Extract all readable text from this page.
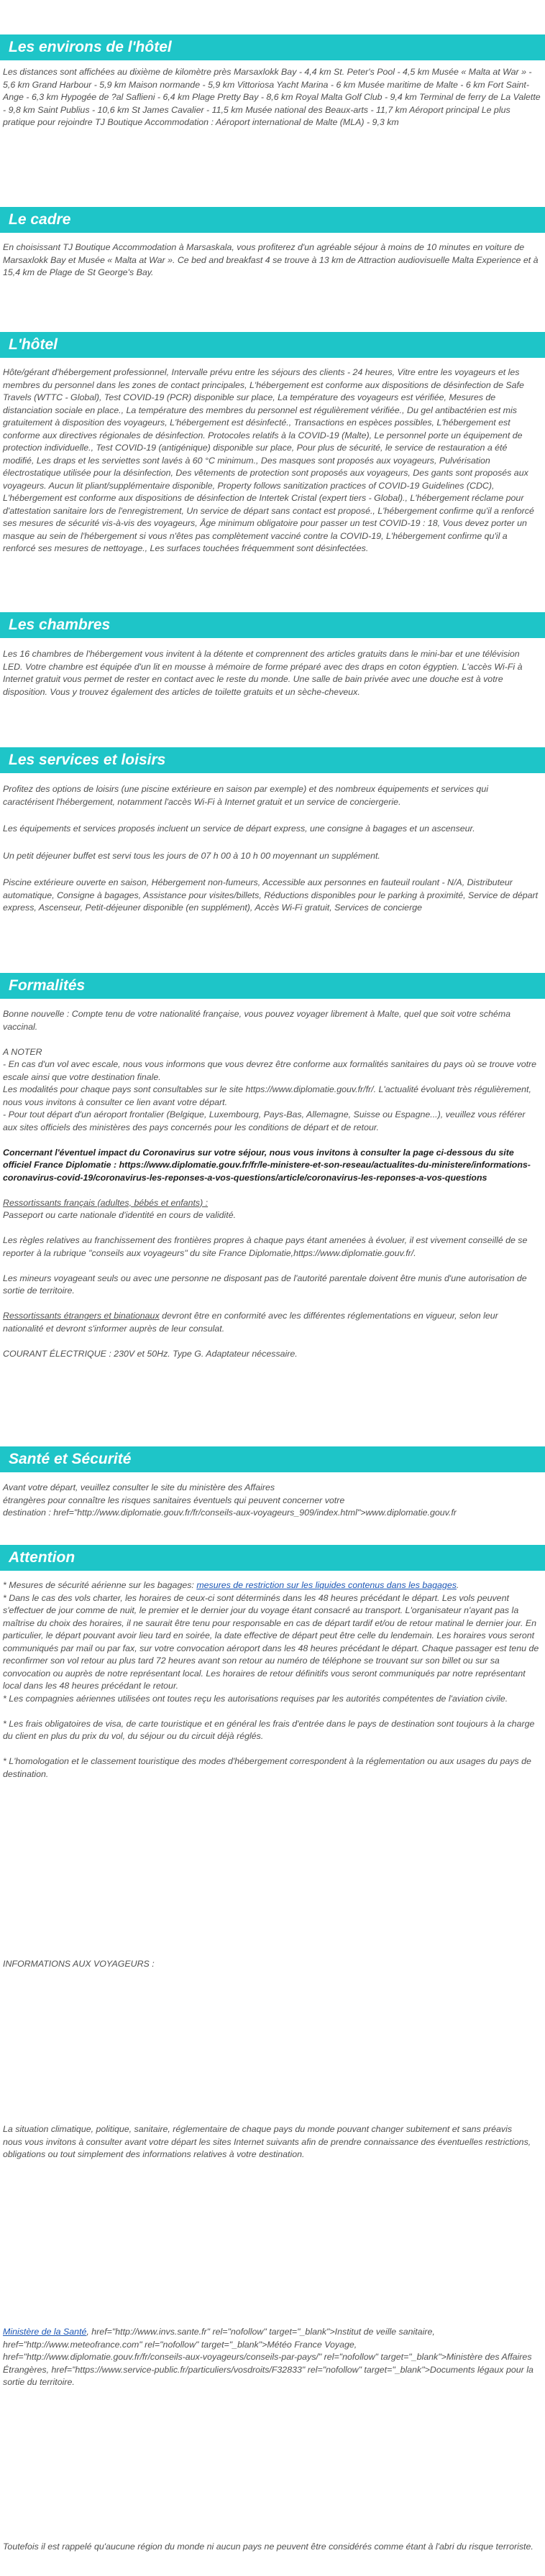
Les environs de l'hôtel

Les distances sont affichées au dixième de kilomètre près Marsaxlokk Bay - 4,4 km St. Peter's Pool - 4,5 km Musée « Malta at War » - 5,6 km Grand Harbour - 5,9 km Maison normande - 5,9 km Vittoriosa Yacht Marina - 6 km Musée maritime de Malte - 6 km Fort Saint-Ange - 6,3 km Hypogée de ?al Saflieni - 6,4 km Plage Pretty Bay - 8,6 km Royal Malta Golf Club - 9,4 km Terminal de ferry de La Valette - 9,8 km Saint Publius - 10,6 km St James Cavalier - 11,5 km Musée national des Beaux-arts - 11,7 km Aéroport principal Le plus pratique pour rejoindre TJ Boutique Accommodation : Aéroport international de Malte (MLA) - 9,3 km

Le cadre

En choisissant TJ Boutique Accommodation à Marsaskala, vous profiterez d'un agréable séjour à moins de 10 minutes en voiture de Marsaxlokk Bay et Musée « Malta at War ». Ce bed and breakfast 4 se trouve à 13 km de Attraction audiovisuelle Malta Experience et à 15,4 km de Plage de St George's Bay.

L'hôtel

Hôte/gérant d'hébergement professionnel, Intervalle prévu entre les séjours des clients - 24 heures, Vitre entre les voyageurs et les membres du personnel dans les zones de contact principales, L'hébergement est conforme aux dispositions de désinfection de Safe Travels (WTTC - Global), Test COVID-19 (PCR) disponible sur place, La température des voyageurs est vérifiée, Mesures de distanciation sociale en place., La température des membres du personnel est régulièrement vérifiée., Du gel antibactérien est mis gratuitement à disposition des voyageurs, L'hébergement est désinfecté., Transactions en espèces possibles, L'hébergement est conforme aux directives régionales de désinfection. Protocoles relatifs à la COVID-19 (Malte), Le personnel porte un équipement de protection individuelle., Test COVID-19 (antigénique) disponible sur place, Pour plus de sécurité, le service de restauration a été modifié, Les draps et les serviettes sont lavés à 60 °C minimum., Des masques sont proposés aux voyageurs, Pulvérisation électrostatique utilisée pour la désinfection, Des vêtements de protection sont proposés aux voyageurs, Des gants sont proposés aux voyageurs. Aucun lit pliant/supplémentaire disponible, Property follows sanitization practices of COVID-19 Guidelines (CDC), L'hébergement est conforme aux dispositions de désinfection de Intertek Cristal (expert tiers - Global)., L'hébergement réclame pour d'attestation sanitaire lors de l'enregistrement, Un service de départ sans contact est proposé., L'hébergement confirme qu'il a renforcé ses mesures de sécurité vis-à-vis des voyageurs, Âge minimum obligatoire pour passer un test COVID-19 : 18, Vous devez porter un masque au sein de l'hébergement si vous n'êtes pas complètement vacciné contre la COVID-19, L'hébergement confirme qu'il a renforcé ses mesures de nettoyage., Les surfaces touchées fréquemment sont désinfectées.

Les chambres

Les 16 chambres de l'hébergement vous invitent à la détente et comprennent des articles gratuits dans le mini-bar et une télévision LED. Votre chambre est équipée d'un lit en mousse à mémoire de forme préparé avec des draps en coton égyptien. L'accès Wi-Fi à Internet gratuit vous permet de rester en contact avec le reste du monde. Une salle de bain privée avec une douche est à votre disposition. Vous y trouvez également des articles de toilette gratuits et un sèche-cheveux.

Les services et loisirs

Profitez des options de loisirs (une piscine extérieure en saison par exemple) et des nombreux équipements et services qui caractérisent l'hébergement, notamment l'accès Wi-Fi à Internet gratuit et un service de conciergerie.

Les équipements et services proposés incluent un service de départ express, une consigne à bagages et un ascenseur.

Un petit déjeuner buffet est servi tous les jours de 07 h 00 à 10 h 00 moyennant un supplément.

Piscine extérieure ouverte en saison, Hébergement non-fumeurs, Accessible aux personnes en fauteuil roulant - N/A, Distributeur automatique, Consigne à bagages, Assistance pour visites/billets, Réductions disponibles pour le parking à proximité, Service de départ express, Ascenseur, Petit-déjeuner disponible (en supplément), Accès Wi-Fi gratuit, Services de concierge

Formalités

Bonne nouvelle : Compte tenu de votre nationalité française, vous pouvez voyager librement à Malte, quel que soit votre schéma vaccinal.

A NOTER

- En cas d'un vol avec escale, nous vous informons que vous devrez être conforme aux formalités sanitaires du pays où se trouve votre escale ainsi que votre destination finale.

Les modalités pour chaque pays sont consultables sur le site https://www.diplomatie.gouv.fr/fr/. L'actualité évoluant très régulièrement, nous vous invitons à consulter ce lien avant votre départ.

- Pour tout départ d'un aéroport frontalier (Belgique, Luxembourg, Pays-Bas, Allemagne, Suisse ou Espagne...), veuillez vous référer aux sites officiels des ministères des pays concernés pour les conditions de départ et de retour.

Concernant l'éventuel impact du Coronavirus sur votre séjour, nous vous invitons à consulter la page ci-dessous du site officiel France Diplomatie : https://www.diplomatie.gouv.fr/fr/le-ministere-et-son-reseau/actualites-du-ministere/informations-coronavirus-covid-19/coronavirus-les-reponses-a-vos-questions/article/coronavirus-les-reponses-a-vos-questions

Ressortissants français (adultes, bébés et enfants) :

Passeport ou carte nationale d'identité en cours de validité.

Les règles relatives au franchissement des frontières propres à chaque pays étant amenées à évoluer, il est vivement conseillé de se reporter à la rubrique "conseils aux voyageurs" du site France Diplomatie,https://www.diplomatie.gouv.fr/.

Les mineurs voyageant seuls ou avec une personne ne disposant pas de l'autorité parentale doivent être munis d'une autorisation de sortie de territoire.

Ressortissants étrangers et binationaux devront être en conformité avec les différentes réglementations en vigueur, selon leur nationalité et devront s'informer auprès de leur consulat.

COURANT ÉLECTRIQUE : 230V et 50Hz. Type G. Adaptateur nécessaire.

Santé et Sécurité
Avant votre départ, veuillez consulter le site du ministère des Affaires
étrangères pour connaître les risques sanitaires éventuels qui peuvent concerner votre
destination : href="http://www.diplomatie.gouv.fr/fr/conseils-aux-voyageurs_909/index.html">www.diplomatie.gouv.fr
Attention

* Mesures de sécurité aérienne sur les bagages: mesures de restriction sur les liquides contenus dans les bagages.

* Dans le cas des vols charter, les horaires de ceux-ci sont déterminés dans les 48 heures précédant le départ. Les vols peuvent s'effectuer de jour comme de nuit, le premier et le dernier jour du voyage étant consacré au transport. L'organisateur n'ayant pas la maîtrise du choix des horaires, il ne saurait être tenu pour responsable en cas de départ tardif et/ou de retour matinal le dernier jour. En particulier, le départ pouvant avoir lieu tard en soirée, la date effective de départ peut être celle du lendemain. Les horaires vous seront communiqués par mail ou par fax, sur votre convocation aéroport dans les 48 heures précédant le départ. Chaque passager est tenu de reconfirmer son vol retour au plus tard 72 heures avant son retour au numéro de téléphone se trouvant sur son billet ou sur sa convocation ou auprès de notre représentant local. Les horaires de retour définitifs vous seront communiqués par notre représentant local dans les 48 heures précédant le retour.

* Les compagnies aériennes utilisées ont toutes reçu les autorisations requises par les autorités compétentes de l'aviation civile.

* Les frais obligatoires de visa, de carte touristique et en général les frais d'entrée dans le pays de destination sont toujours à la charge du client en plus du prix du vol, du séjour ou du circuit déjà réglés.

* L'homologation et le classement touristique des modes d'hébergement correspondent à la réglementation ou aux usages du pays de destination.

INFORMATIONS AUX VOYAGEURS :

La situation climatique, politique, sanitaire, réglementaire de chaque pays du monde pouvant changer subitement et sans préavis

nous vous invitons à consulter avant votre départ les sites Internet suivants afin de prendre connaissance des éventuelles restrictions, obligations ou tout simplement des informations relatives à votre destination.

Ministère de la Santé, href="http://www.invs.sante.fr" rel="nofollow" target="_blank">Institut de veille sanitaire, href="http://www.meteofrance.com" rel="nofollow" target="_blank">Météo France Voyage, href="http://www.diplomatie.gouv.fr/fr/conseils-aux-voyageurs/conseils-par-pays/" rel="nofollow" target="_blank">Ministère des Affaires Étrangères, href="https://www.service-public.fr/particuliers/vosdroits/F32833" rel="nofollow" target="_blank">Documents légaux pour la sortie du territoire.

Toutefois il est rappelé qu'aucune région du monde ni aucun pays ne peuvent être considérés comme étant à l'abri du risque terroriste.
